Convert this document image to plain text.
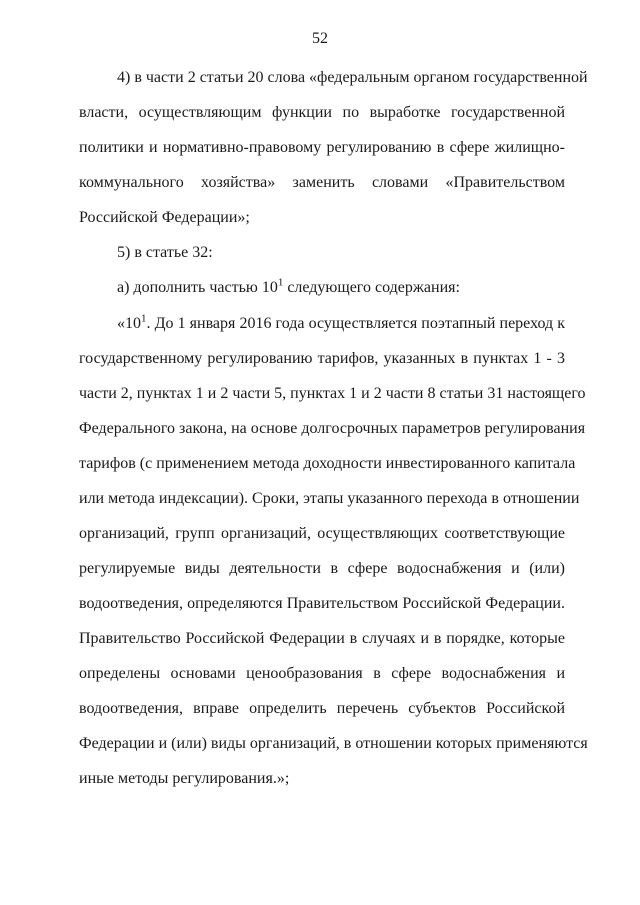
52
4) в части 2 статьи 20 слова «федеральным органом государственной
власти, осуществляющим функции по выработке государственной
политики и нормативно-правовому регулированию в сфере жилищно-
коммунального хозяйства» заменить словами «Правительством
Российской Федерации»;
5) в статье 32:
а) дополнить частью $10^1$ следующего содержания:
«$10^1$. До 1 января 2016 года осуществляется поэтапный переход к
государственному регулированию тарифов, указанных в пунктах 1 - 3
части 2, пунктах 1 и 2 части 5, пунктах 1 и 2 части 8 статьи 31 настоящего
Федерального закона, на основе долгосрочных параметров регулирования
тарифов (с применением метода доходности инвестированного капитала
или метода индексации). Сроки, этапы указанного перехода в отношении
организаций, групп организаций, осуществляющих соответствующие
регулируемые виды деятельности в сфере водоснабжения и (или)
водоотведения, определяются Правительством Российской Федерации.
Правительство Российской Федерации в случаях и в порядке, которые
определены основами ценообразования в сфере водоснабжения и
водоотведения, вправе определить перечень субъектов Российской
Федерации и (или) виды организаций, в отношении которых применяются
иные методы регулирования.»;
